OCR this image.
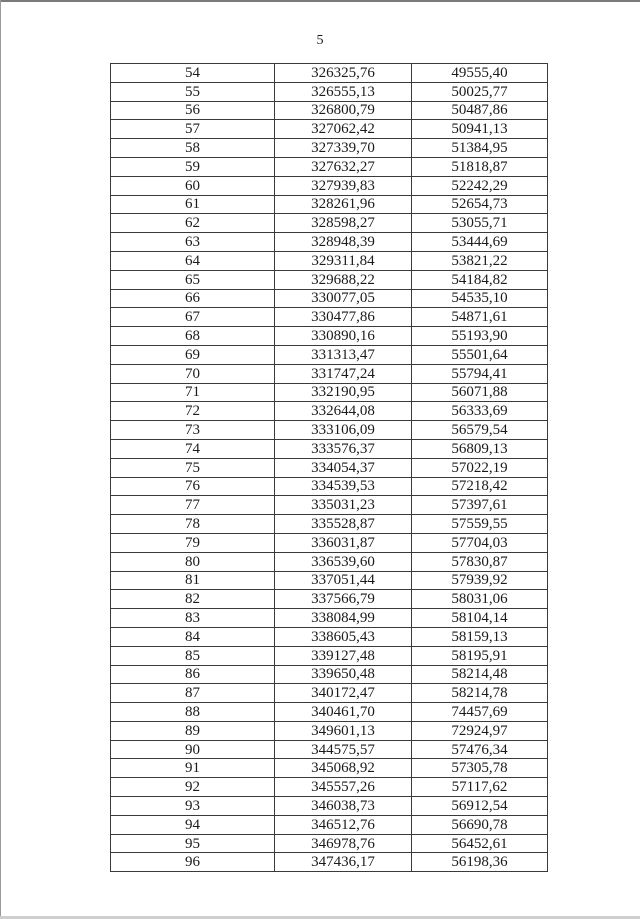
5
54	326325,76	49555,40
55	326555,13	50025,77
56	326800,79	50487,86
57	327062,42	50941,13
58	327339,70	51384,95
59	327632,27	51818,87
60	327939,83	52242,29
61	328261,96	52654,73
62	328598,27	53055,71
63	328948,39	53444,69
64	329311,84	53821,22
65	329688,22	54184,82
66	330077,05	54535,10
67	330477,86	54871,61
68	330890,16	55193,90
69	331313,47	55501,64
70	331747,24	55794,41
71	332190,95	56071,88
72	332644,08	56333,69
73	333106,09	56579,54
74	333576,37	56809,13
75	334054,37	57022,19
76	334539,53	57218,42
77	335031,23	57397,61
78	335528,87	57559,55
79	336031,87	57704,03
80	336539,60	57830,87
81	337051,44	57939,92
82	337566,79	58031,06
83	338084,99	58104,14
84	338605,43	58159,13
85	339127,48	58195,91
86	339650,48	58214,48
87	340172,47	58214,78
88	340461,70	74457,69
89	349601,13	72924,97
90	344575,57	57476,34
91	345068,92	57305,78
92	345557,26	57117,62
93	346038,73	56912,54
94	346512,76	56690,78
95	346978,76	56452,61
96	347436,17	56198,36
